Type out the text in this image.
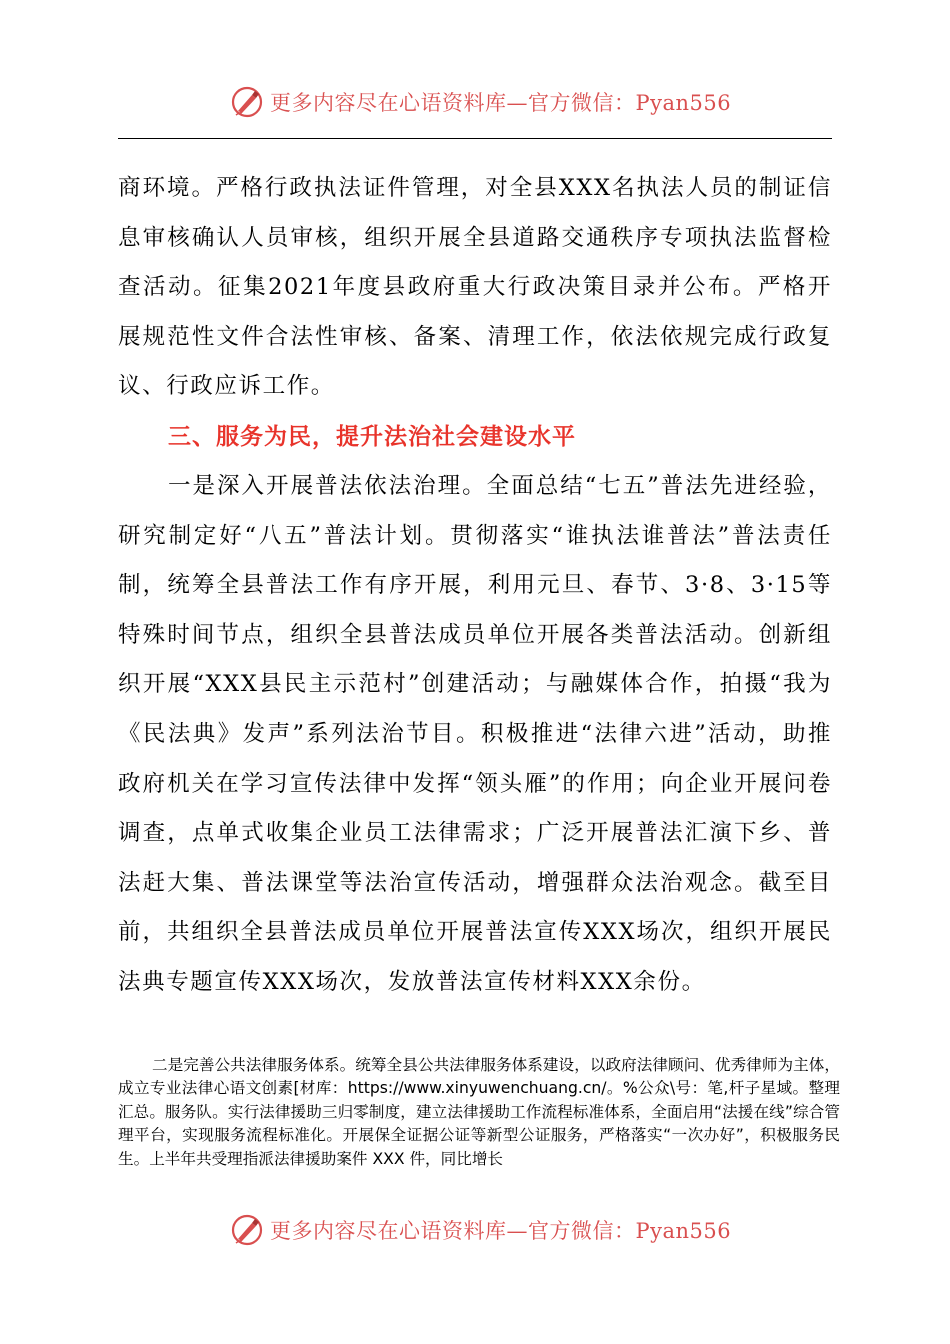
更多内容尽在心语资料库—官方微信：Pyan556

商环境。严格行政执法证件管理，对全县XXX名执法人员的制证信息审核确认人员审核，组织开展全县道路交通秩序专项执法监督检查活动。征集2021年度县政府重大行政决策目录并公布。严格开展规范性文件合法性审核、备案、清理工作，依法依规完成行政复议、行政应诉工作。

三、服务为民，提升法治社会建设水平

一是深入开展普法依法治理。全面总结“七五”普法先进经验，研究制定好“八五”普法计划。贯彻落实“谁执法谁普法”普法责任制，统筹全县普法工作有序开展，利用元旦、春节、3·8、3·15等特殊时间节点，组织全县普法成员单位开展各类普法活动。创新组织开展“XXX县民主示范村”创建活动；与融媒体合作，拍摄“我为《民法典》发声”系列法治节目。积极推进“法律六进”活动，助推政府机关在学习宣传法律中发挥“领头雁”的作用；向企业开展问卷调查，点单式收集企业员工法律需求；广泛开展普法汇演下乡、普法赶大集、普法课堂等法治宣传活动，增强群众法治观念。截至目前，共组织全县普法成员单位开展普法宣传XXX场次，组织开展民法典专题宣传XXX场次，发放普法宣传材料XXX余份。

二是完善公共法律服务体系。统筹全县公共法律服务体系建设，以政府法律顾问、优秀律师为主体，成立专业法律心语文创素[材库：https://www.xinyuwenchuang.cn/。%公众\号：笔,杆子星域。整理汇总。服务队。实行法律援助三归零制度，建立法律援助工作流程标准体系，全面启用“法援在线”综合管理平台，实现服务流程标准化。开展保全证据公证等新型公证服务，严格落实“一次办好”，积极服务民生。上半年共受理指派法律援助案件 XXX 件，同比增长

更多内容尽在心语资料库—官方微信：Pyan556
